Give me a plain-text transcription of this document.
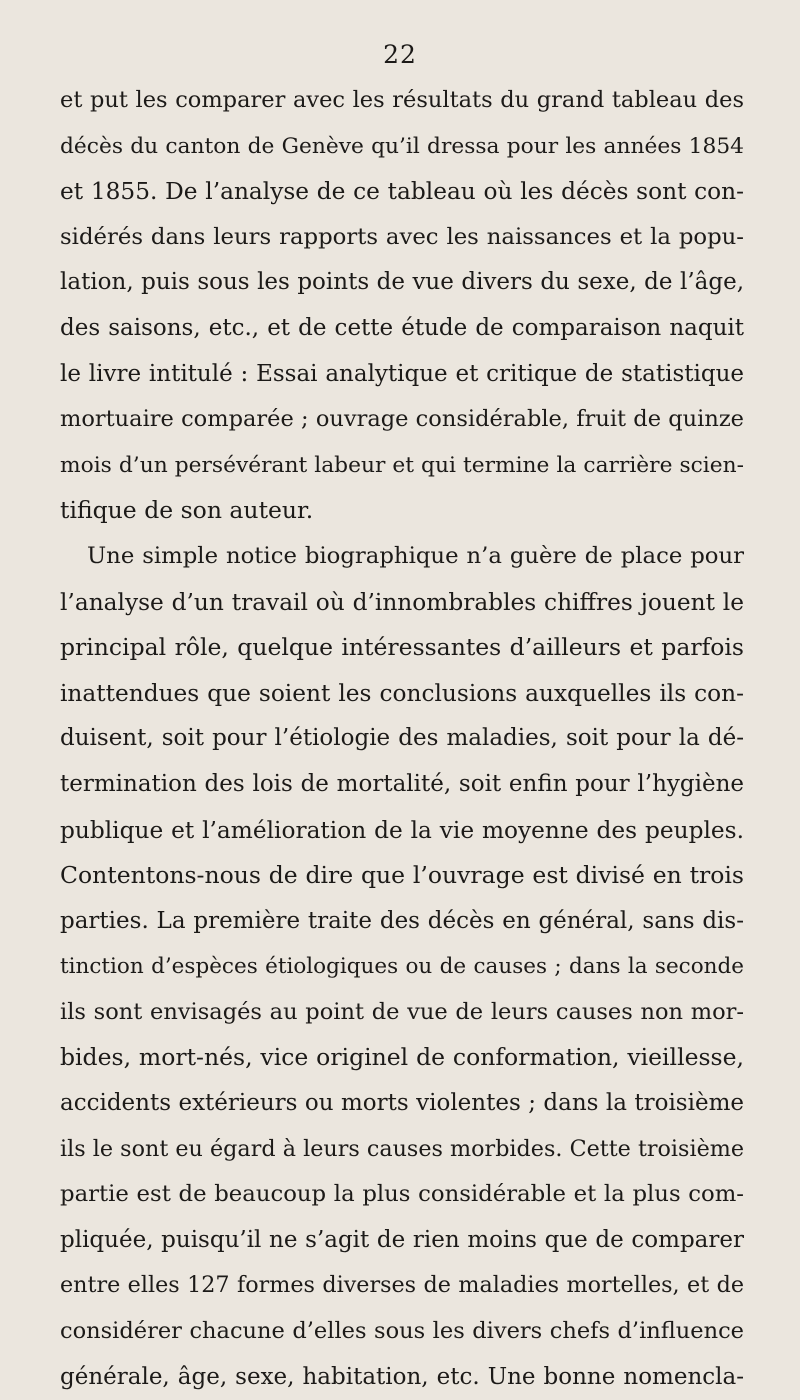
22
et put les comparer avec les résultats du grand tableau des
décès du canton de Genève qu’il dressa pour les années 1854
et 1855. De l’analyse de ce tableau où les décès sont con-
sidérés dans leurs rapports avec les naissances et la popu-
lation, puis sous les points de vue divers du sexe, de l’âge,
des saisons, etc., et de cette étude de comparaison naquit
le livre intitulé : Essai analytique et critique de statistique
mortuaire comparée ; ouvrage considérable, fruit de quinze
mois d’un persévérant labeur et qui termine la carrière scien-
tifique de son auteur.
Une simple notice biographique n’a guère de place pour
l’analyse d’un travail où d’innombrables chiffres jouent le
principal rôle, quelque intéressantes d’ailleurs et parfois
inattendues que soient les conclusions auxquelles ils con-
duisent, soit pour l’étiologie des maladies, soit pour la dé-
termination des lois de mortalité, soit enfin pour l’hygiène
publique et l’amélioration de la vie moyenne des peuples.
Contentons-nous de dire que l’ouvrage est divisé en trois
parties. La première traite des décès en général, sans dis-
tinction d’espèces étiologiques ou de causes ; dans la seconde
ils sont envisagés au point de vue de leurs causes non mor-
bides, mort-nés, vice originel de conformation, vieillesse,
accidents extérieurs ou morts violentes ; dans la troisième
ils le sont eu égard à leurs causes morbides. Cette troisième
partie est de beaucoup la plus considérable et la plus com-
pliquée, puisqu’il ne s’agit de rien moins que de comparer
entre elles 127 formes diverses de maladies mortelles, et de
considérer chacune d’elles sous les divers chefs d’influence
générale, âge, sexe, habitation, etc. Une bonne nomencla-
